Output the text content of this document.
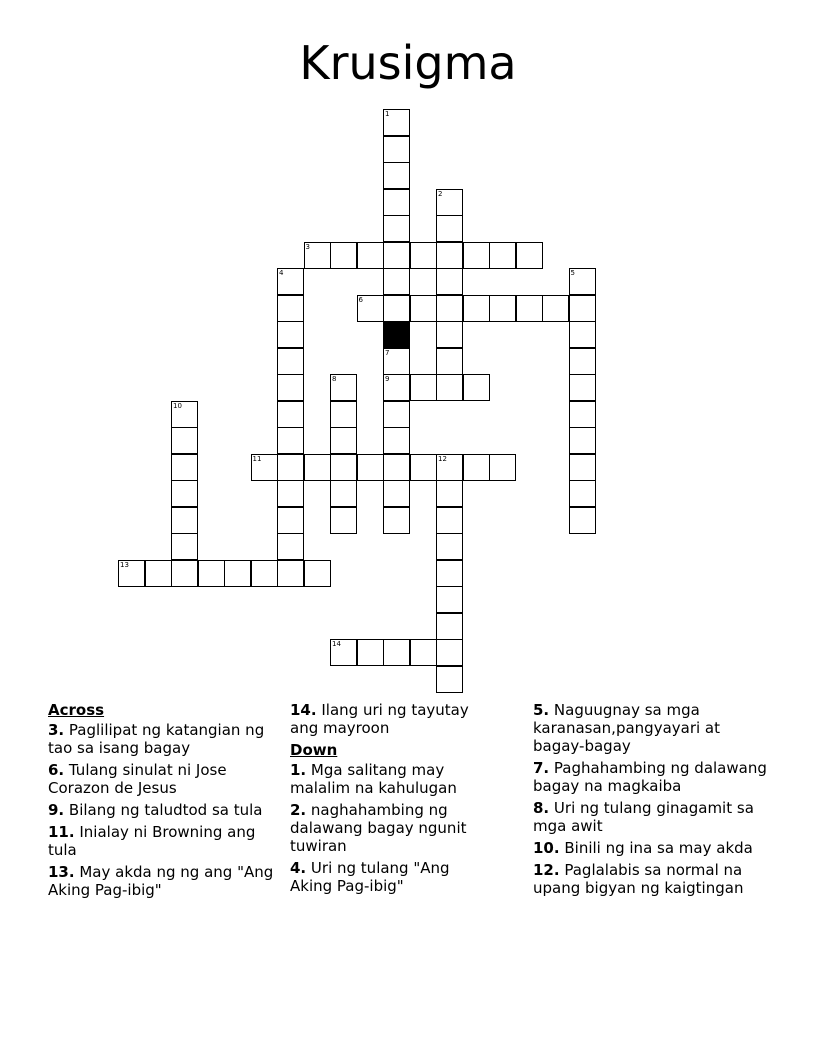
Krusigma
1
2
3
4	5
6
7
9
8
10
11	12
13
14
Across
3. Paglilipat ng katangian ng tao sa isang bagay
6. Tulang sinulat ni Jose Corazon de Jesus
9. Bilang ng taludtod sa tula
11. Inialay ni Browning ang tula
13. May akda ng ng ang "Ang Aking Pag-ibig"
14. Ilang uri ng tayutay ang mayroon
Down
1. Mga salitang may malalim na kahulugan
2. naghahambing ng dalawang bagay ngunit tuwiran
4. Uri ng tulang "Ang Aking Pag-ibig"
5. Naguugnay sa mga karanasan,pangyayari at bagay-bagay
7. Paghahambing ng dalawang bagay na magkaiba
8. Uri ng tulang ginagamit sa mga awit
10. Binili ng ina sa may akda
12. Paglalabis sa normal na upang bigyan ng kaigtingan
